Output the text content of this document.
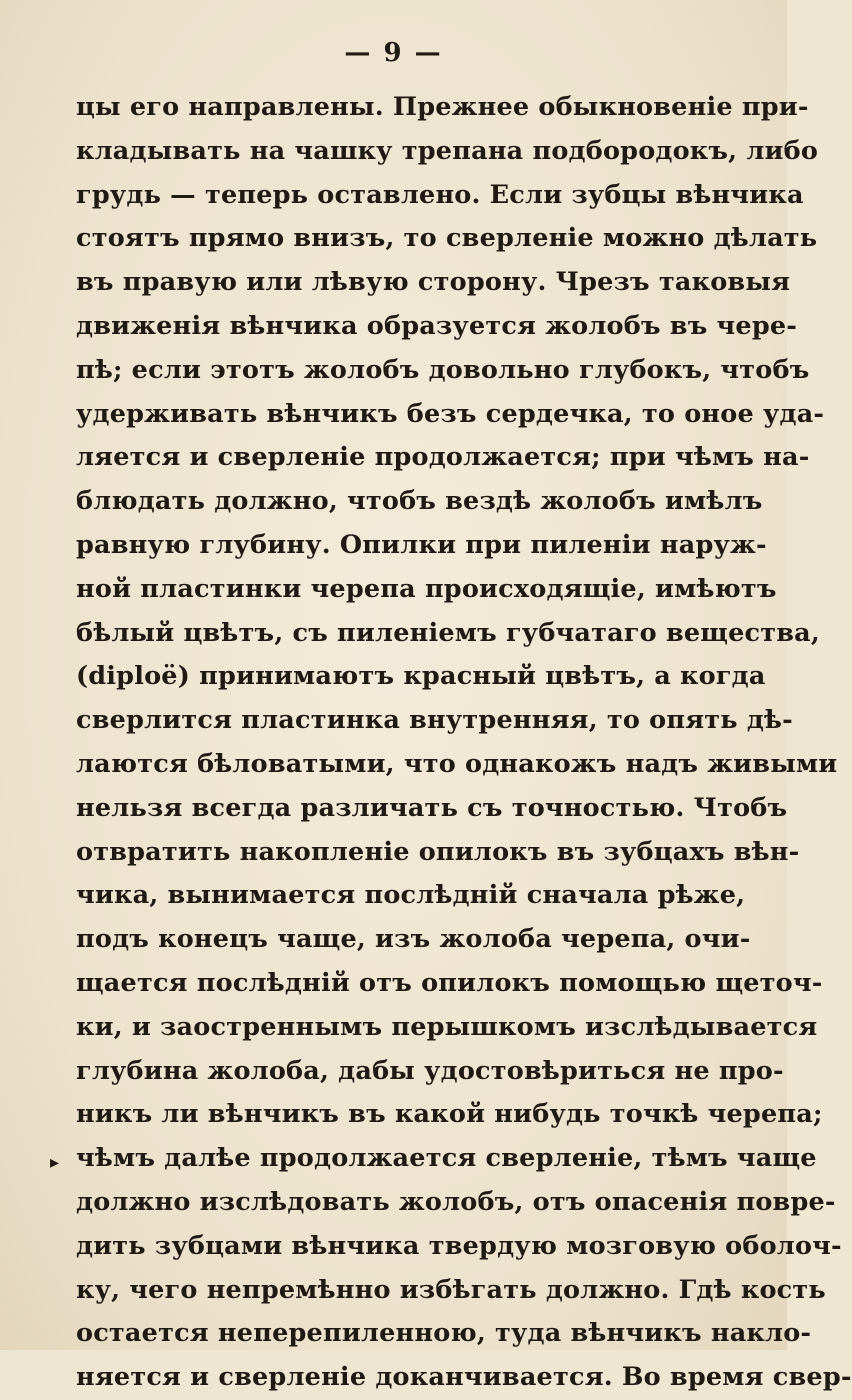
— 9 —
▸
цы его направлены. Прежнее обыкновеніе при-
кладывать на чашку трепана подбородокъ, либо
грудь — теперь оставлено. Если зубцы вѣнчика
стоятъ прямо внизъ, то сверленіе можно дѣлать
въ правую или лѣвую сторону. Чрезъ таковыя
движенія вѣнчика образуется жолобъ въ чере-
пѣ; если этотъ жолобъ довольно глубокъ, чтобъ
удерживать вѣнчикъ безъ сердечка, то оное уда-
ляется и сверленіе продолжается; при чѣмъ на-
блюдать должно, чтобъ вездѣ жолобъ имѣлъ
равную глубину. Опилки при пиленіи наруж-
ной пластинки черепа происходящіе, имѣютъ
бѣлый цвѣтъ, съ пиленіемъ губчатаго вещества,
(diploë) принимаютъ красный цвѣтъ, а когда
сверлится пластинка внутренняя, то опять дѣ-
лаются бѣловатыми, что однакожъ надъ живыми
нельзя всегда различать съ точностью. Чтобъ
отвратить накопленіе опилокъ въ зубцахъ вѣн-
чика, вынимается послѣдній сначала рѣже,
подъ конецъ чаще, изъ жолоба черепа, очи-
щается послѣдній отъ опилокъ помощью щеточ-
ки, и заостреннымъ перышкомъ изслѣдывается
глубина жолоба, дабы удостовѣриться не про-
никъ ли вѣнчикъ въ какой нибудь точкѣ черепа;
чѣмъ далѣе продолжается сверленіе, тѣмъ чаще
должно изслѣдовать жолобъ, отъ опасенія повре-
дить зубцами вѣнчика твердую мозговую оболоч-
ку, чего непремѣнно избѣгать должно. Гдѣ кость
остается неперепиленною, туда вѣнчикъ накло-
няется и сверленіе доканчивается. Во время свер-
